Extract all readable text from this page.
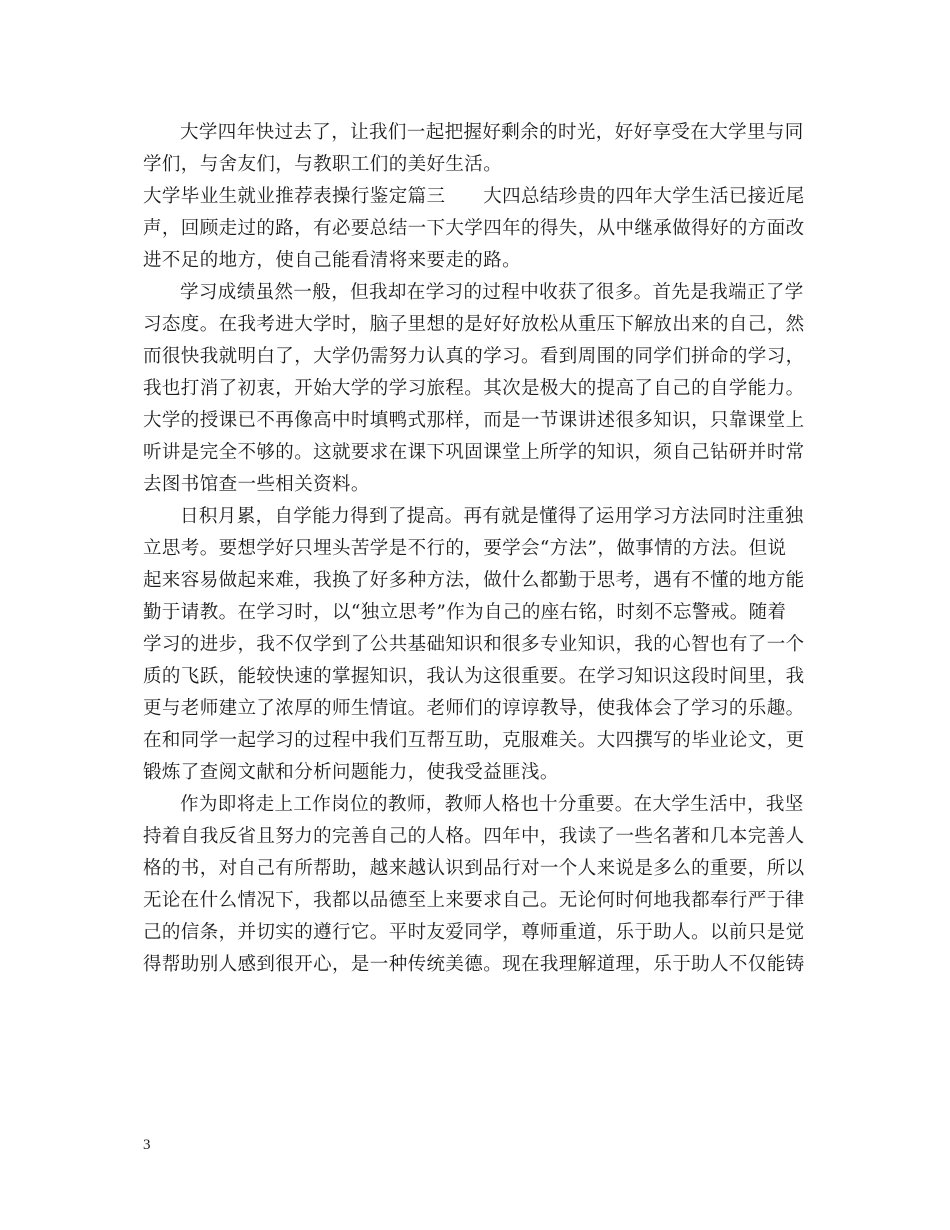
大学四年快过去了，让我们一起把握好剩余的时光，好好享受在大学里与同
学们，与舍友们，与教职工们的美好生活。
大学毕业生就业推荐表操行鉴定篇三　　大四总结珍贵的四年大学生活已接近尾
声，回顾走过的路，有必要总结一下大学四年的得失，从中继承做得好的方面改
进不足的地方，使自己能看清将来要走的路。
学习成绩虽然一般，但我却在学习的过程中收获了很多。首先是我端正了学
习态度。在我考进大学时，脑子里想的是好好放松从重压下解放出来的自己，然
而很快我就明白了，大学仍需努力认真的学习。看到周围的同学们拼命的学习，
我也打消了初衷，开始大学的学习旅程。其次是极大的提高了自己的自学能力。
大学的授课已不再像高中时填鸭式那样，而是一节课讲述很多知识，只靠课堂上
听讲是完全不够的。这就要求在课下巩固课堂上所学的知识，须自己钻研并时常
去图书馆查一些相关资料。
日积月累，自学能力得到了提高。再有就是懂得了运用学习方法同时注重独
立思考。要想学好只埋头苦学是不行的，要学会“方法”，做事情的方法。但说
起来容易做起来难，我换了好多种方法，做什么都勤于思考，遇有不懂的地方能
勤于请教。在学习时，以“独立思考”作为自己的座右铭，时刻不忘警戒。随着
学习的进步，我不仅学到了公共基础知识和很多专业知识，我的心智也有了一个
质的飞跃，能较快速的掌握知识，我认为这很重要。在学习知识这段时间里，我
更与老师建立了浓厚的师生情谊。老师们的谆谆教导，使我体会了学习的乐趣。
在和同学一起学习的过程中我们互帮互助，克服难关。大四撰写的毕业论文，更
锻炼了查阅文献和分析问题能力，使我受益匪浅。
作为即将走上工作岗位的教师，教师人格也十分重要。在大学生活中，我坚
持着自我反省且努力的完善自己的人格。四年中，我读了一些名著和几本完善人
格的书，对自己有所帮助，越来越认识到品行对一个人来说是多么的重要，所以
无论在什么情况下，我都以品德至上来要求自己。无论何时何地我都奉行严于律
己的信条，并切实的遵行它。平时友爱同学，尊师重道，乐于助人。以前只是觉
得帮助别人感到很开心，是一种传统美德。现在我理解道理，乐于助人不仅能铸
3
